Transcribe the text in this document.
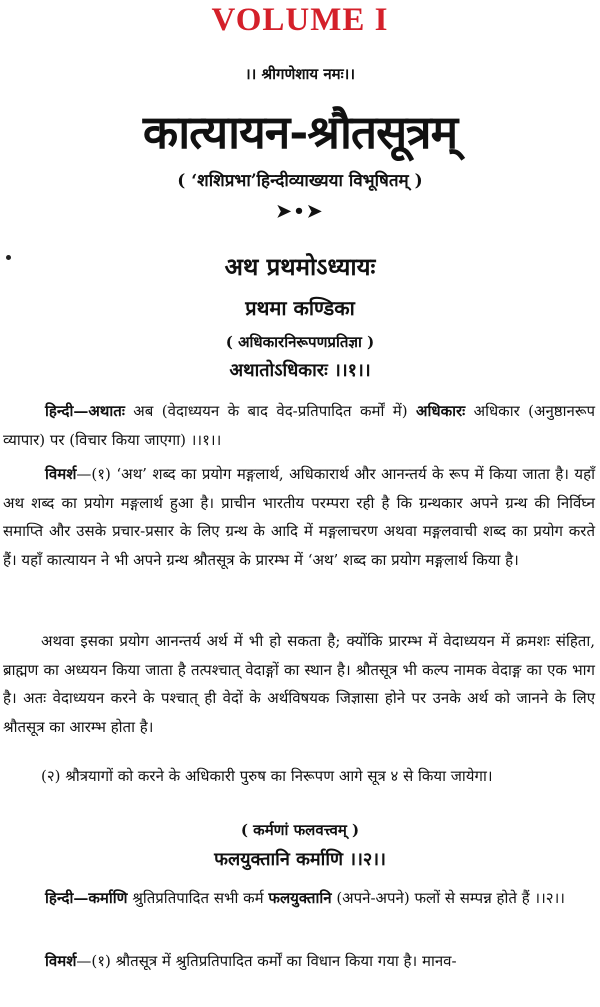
VOLUME I
।। श्रीगणेशाय नमः।।
कात्यायन-श्रौतसूत्रम्
( ‘शशिप्रभा’हिन्दीव्याख्यया विभूषितम् )
➤•➤
अथ प्रथमोऽध्यायः
प्रथमा कण्डिका
( अधिकारनिरूपणप्रतिज्ञा )
अथातोऽधिकारः ।।१।।
हिन्दी—अथातः अब (वेदाध्ययन के बाद वेद-प्रतिपादित कर्मों में) अधिकारः अधिकार (अनुष्ठानरूप व्यापार) पर (विचार किया जाएगा) ।।१।।
विमर्श—(१) ‘अथ’ शब्द का प्रयोग मङ्गलार्थ, अधिकारार्थ और आनन्तर्य के रूप में किया जाता है। यहाँ अथ शब्द का प्रयोग मङ्गलार्थ हुआ है। प्राचीन भारतीय परम्परा रही है कि ग्रन्थकार अपने ग्रन्थ की निर्विघ्न समाप्ति और उसके प्रचार-प्रसार के लिए ग्रन्थ के आदि में मङ्गलाचरण अथवा मङ्गलवाची शब्द का प्रयोग करते हैं। यहाँ कात्यायन ने भी अपने ग्रन्थ श्रौतसूत्र के प्रारम्भ में ‘अथ’ शब्द का प्रयोग मङ्गलार्थ किया है।
अथवा इसका प्रयोग आनन्तर्य अर्थ में भी हो सकता है; क्योंकि प्रारम्भ में वेदाध्ययन में क्रमशः संहिता, ब्राह्मण का अध्ययन किया जाता है तत्पश्चात् वेदाङ्गों का स्थान है। श्रौतसूत्र भी कल्प नामक वेदाङ्ग का एक भाग है। अतः वेदाध्ययन करने के पश्चात् ही वेदों के अर्थविषयक जिज्ञासा होने पर उनके अर्थ को जानने के लिए श्रौतसूत्र का आरम्भ होता है।
(२) श्रौत्रयागों को करने के अधिकारी पुरुष का निरूपण आगे सूत्र ४ से किया जायेगा।
( कर्मणां फलवत्त्वम् )
फलयुक्तानि कर्माणि ।।२।।
हिन्दी—कर्माणि श्रुतिप्रतिपादित सभी कर्म फलयुक्तानि (अपने-अपने) फलों से सम्पन्न होते हैं ।।२।।
विमर्श—(१) श्रौतसूत्र में श्रुतिप्रतिपादित कर्मों का विधान किया गया है। मानव-
